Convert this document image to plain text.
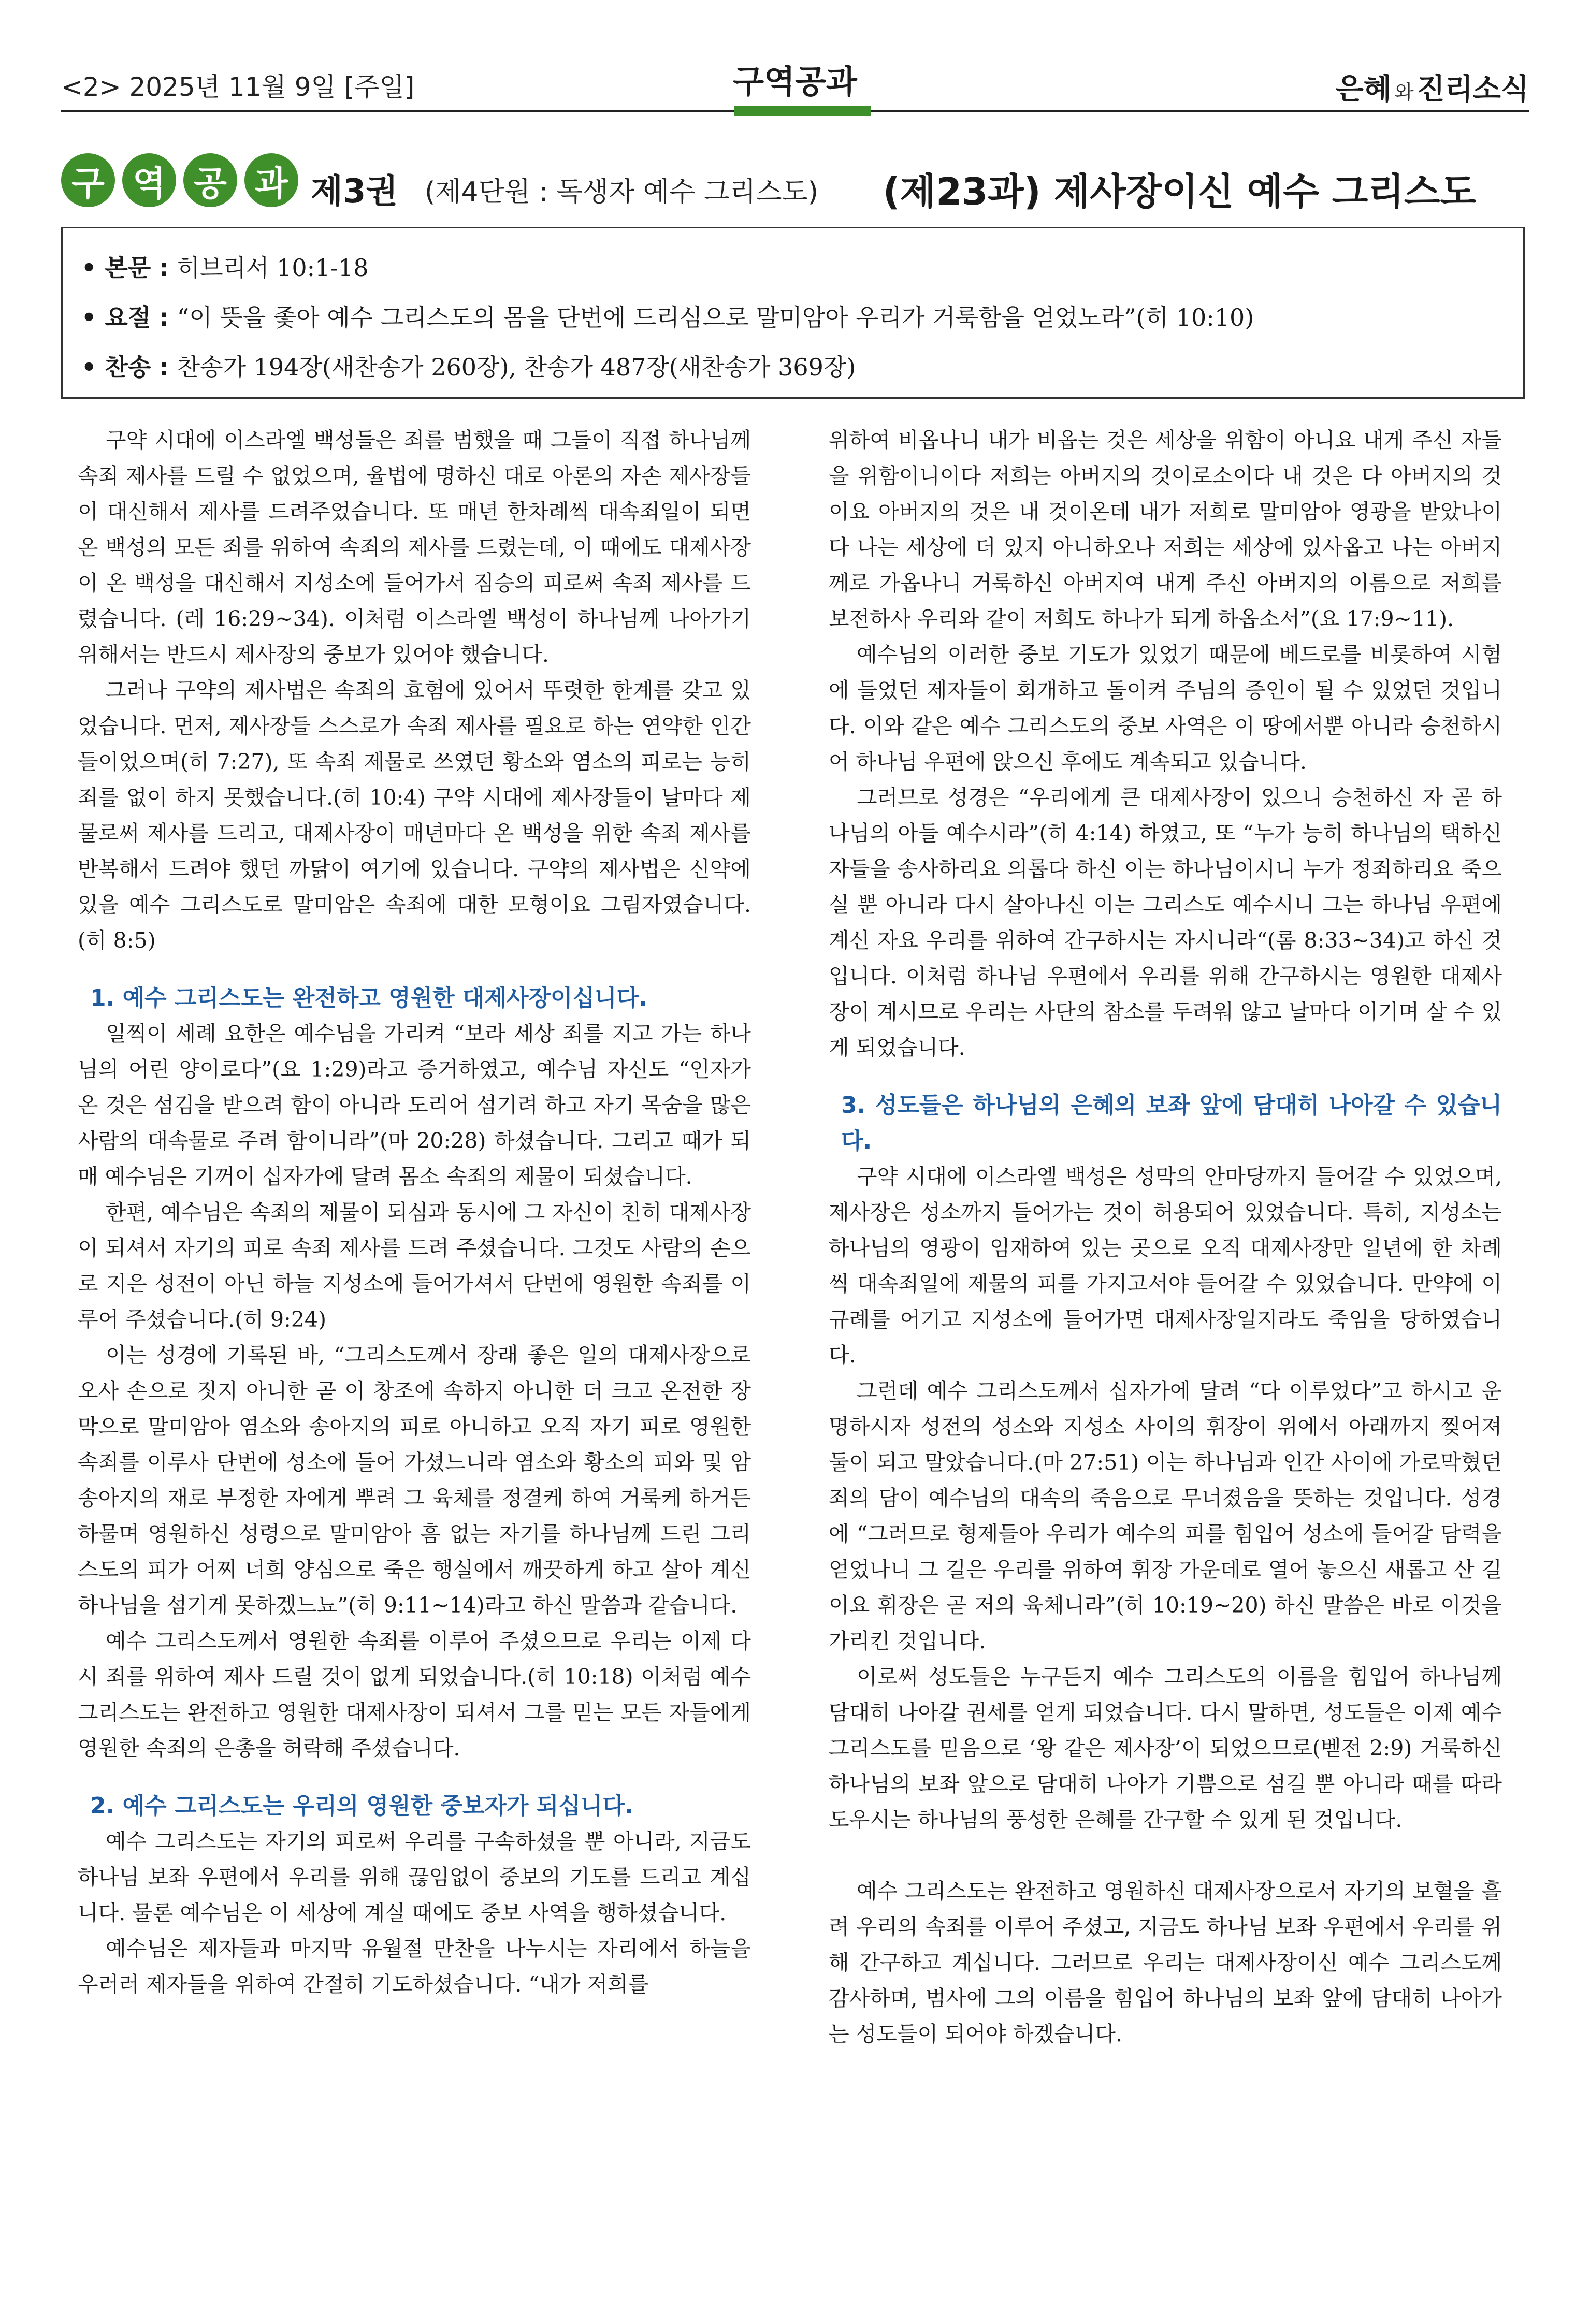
<2> 2025년 11월 9일 [주일]	구역공과	은혜 와 진리소식
구 역 공 과 제3권 (제4단원 : 독생자 예수 그리스도) (제23과) 제사장이신 예수 그리스도
• 본문 : 히브리서 10:1-18
• 요절 : “이 뜻을 좇아 예수 그리스도의 몸을 단번에 드리심으로 말미암아 우리가 거룩함을 얻었노라”(히 10:10)
• 찬송 : 찬송가 194장(새찬송가 260장), 찬송가 487장(새찬송가 369장)

구약 시대에 이스라엘 백성들은 죄를 범했을 때 그들이 직접 하나님께 속죄 제사를 드릴 수 없었으며, 율법에 명하신 대로 아론의 자손 제사장들이 대신해서 제사를 드려주었습니다. 또 매년 한차례씩 대속죄일이 되면 온 백성의 모든 죄를 위하여 속죄의 제사를 드렸는데, 이 때에도 대제사장이 온 백성을 대신해서 지성소에 들어가서 짐승의 피로써 속죄 제사를 드렸습니다. (레 16:29~34). 이처럼 이스라엘 백성이 하나님께 나아가기 위해서는 반드시 제사장의 중보가 있어야 했습니다.

그러나 구약의 제사법은 속죄의 효험에 있어서 뚜렷한 한계를 갖고 있었습니다. 먼저, 제사장들 스스로가 속죄 제사를 필요로 하는 연약한 인간들이었으며(히 7:27), 또 속죄 제물로 쓰였던 황소와 염소의 피로는 능히 죄를 없이 하지 못했습니다.(히 10:4) 구약 시대에 제사장들이 날마다 제물로써 제사를 드리고, 대제사장이 매년마다 온 백성을 위한 속죄 제사를 반복해서 드려야 했던 까닭이 여기에 있습니다. 구약의 제사법은 신약에 있을 예수 그리스도로 말미암은 속죄에 대한 모형이요 그림자였습니다.(히 8:5)

1. 예수 그리스도는 완전하고 영원한 대제사장이십니다.

일찍이 세례 요한은 예수님을 가리켜 “보라 세상 죄를 지고 가는 하나님의 어린 양이로다”(요 1:29)라고 증거하였고, 예수님 자신도 “인자가 온 것은 섬김을 받으려 함이 아니라 도리어 섬기려 하고 자기 목숨을 많은 사람의 대속물로 주려 함이니라”(마 20:28) 하셨습니다. 그리고 때가 되매 예수님은 기꺼이 십자가에 달려 몸소 속죄의 제물이 되셨습니다.

한편, 예수님은 속죄의 제물이 되심과 동시에 그 자신이 친히 대제사장이 되셔서 자기의 피로 속죄 제사를 드려 주셨습니다. 그것도 사람의 손으로 지은 성전이 아닌 하늘 지성소에 들어가셔서 단번에 영원한 속죄를 이루어 주셨습니다.(히 9:24)

이는 성경에 기록된 바, “그리스도께서 장래 좋은 일의 대제사장으로 오사 손으로 짓지 아니한 곧 이 창조에 속하지 아니한 더 크고 온전한 장막으로 말미암아 염소와 송아지의 피로 아니하고 오직 자기 피로 영원한 속죄를 이루사 단번에 성소에 들어 가셨느니라 염소와 황소의 피와 및 암송아지의 재로 부정한 자에게 뿌려 그 육체를 정결케 하여 거룩케 하거든 하물며 영원하신 성령으로 말미암아 흠 없는 자기를 하나님께 드린 그리스도의 피가 어찌 너희 양심으로 죽은 행실에서 깨끗하게 하고 살아 계신 하나님을 섬기게 못하겠느뇨”(히 9:11~14)라고 하신 말씀과 같습니다.

예수 그리스도께서 영원한 속죄를 이루어 주셨으므로 우리는 이제 다시 죄를 위하여 제사 드릴 것이 없게 되었습니다.(히 10:18) 이처럼 예수 그리스도는 완전하고 영원한 대제사장이 되셔서 그를 믿는 모든 자들에게 영원한 속죄의 은총을 허락해 주셨습니다.

2. 예수 그리스도는 우리의 영원한 중보자가 되십니다.

예수 그리스도는 자기의 피로써 우리를 구속하셨을 뿐 아니라, 지금도 하나님 보좌 우편에서 우리를 위해 끊임없이 중보의 기도를 드리고 계십니다. 물론 예수님은 이 세상에 계실 때에도 중보 사역을 행하셨습니다.

예수님은 제자들과 마지막 유월절 만찬을 나누시는 자리에서 하늘을 우러러 제자들을 위하여 간절히 기도하셨습니다. “내가 저희를

위하여 비옵나니 내가 비옵는 것은 세상을 위함이 아니요 내게 주신 자들을 위함이니이다 저희는 아버지의 것이로소이다 내 것은 다 아버지의 것이요 아버지의 것은 내 것이온데 내가 저희로 말미암아 영광을 받았나이다 나는 세상에 더 있지 아니하오나 저희는 세상에 있사옵고 나는 아버지께로 가옵나니 거룩하신 아버지여 내게 주신 아버지의 이름으로 저희를 보전하사 우리와 같이 저희도 하나가 되게 하옵소서”(요 17:9~11).

예수님의 이러한 중보 기도가 있었기 때문에 베드로를 비롯하여 시험에 들었던 제자들이 회개하고 돌이켜 주님의 증인이 될 수 있었던 것입니다. 이와 같은 예수 그리스도의 중보 사역은 이 땅에서뿐 아니라 승천하시어 하나님 우편에 앉으신 후에도 계속되고 있습니다.

그러므로 성경은 “우리에게 큰 대제사장이 있으니 승천하신 자 곧 하나님의 아들 예수시라”(히 4:14) 하였고, 또 “누가 능히 하나님의 택하신 자들을 송사하리요 의롭다 하신 이는 하나님이시니 누가 정죄하리요 죽으실 뿐 아니라 다시 살아나신 이는 그리스도 예수시니 그는 하나님 우편에 계신 자요 우리를 위하여 간구하시는 자시니라“(롬 8:33~34)고 하신 것입니다. 이처럼 하나님 우편에서 우리를 위해 간구하시는 영원한 대제사장이 계시므로 우리는 사단의 참소를 두려워 않고 날마다 이기며 살 수 있게 되었습니다.

3. 성도들은 하나님의 은혜의 보좌 앞에 담대히 나아갈 수 있습니다.

구약 시대에 이스라엘 백성은 성막의 안마당까지 들어갈 수 있었으며, 제사장은 성소까지 들어가는 것이 허용되어 있었습니다. 특히, 지성소는 하나님의 영광이 임재하여 있는 곳으로 오직 대제사장만 일년에 한 차례씩 대속죄일에 제물의 피를 가지고서야 들어갈 수 있었습니다. 만약에 이 규례를 어기고 지성소에 들어가면 대제사장일지라도 죽임을 당하였습니다.

그런데 예수 그리스도께서 십자가에 달려 “다 이루었다”고 하시고 운명하시자 성전의 성소와 지성소 사이의 휘장이 위에서 아래까지 찢어져 둘이 되고 말았습니다.(마 27:51) 이는 하나님과 인간 사이에 가로막혔던 죄의 담이 예수님의 대속의 죽음으로 무너졌음을 뜻하는 것입니다. 성경에 “그러므로 형제들아 우리가 예수의 피를 힘입어 성소에 들어갈 담력을 얻었나니 그 길은 우리를 위하여 휘장 가운데로 열어 놓으신 새롭고 산 길이요 휘장은 곧 저의 육체니라”(히 10:19~20) 하신 말씀은 바로 이것을 가리킨 것입니다.

이로써 성도들은 누구든지 예수 그리스도의 이름을 힘입어 하나님께 담대히 나아갈 권세를 얻게 되었습니다. 다시 말하면, 성도들은 이제 예수 그리스도를 믿음으로 ‘왕 같은 제사장’이 되었으므로(벧전 2:9) 거룩하신 하나님의 보좌 앞으로 담대히 나아가 기쁨으로 섬길 뿐 아니라 때를 따라 도우시는 하나님의 풍성한 은혜를 간구할 수 있게 된 것입니다.

예수 그리스도는 완전하고 영원하신 대제사장으로서 자기의 보혈을 흘려 우리의 속죄를 이루어 주셨고, 지금도 하나님 보좌 우편에서 우리를 위해 간구하고 계십니다. 그러므로 우리는 대제사장이신 예수 그리스도께 감사하며, 범사에 그의 이름을 힘입어 하나님의 보좌 앞에 담대히 나아가는 성도들이 되어야 하겠습니다.
